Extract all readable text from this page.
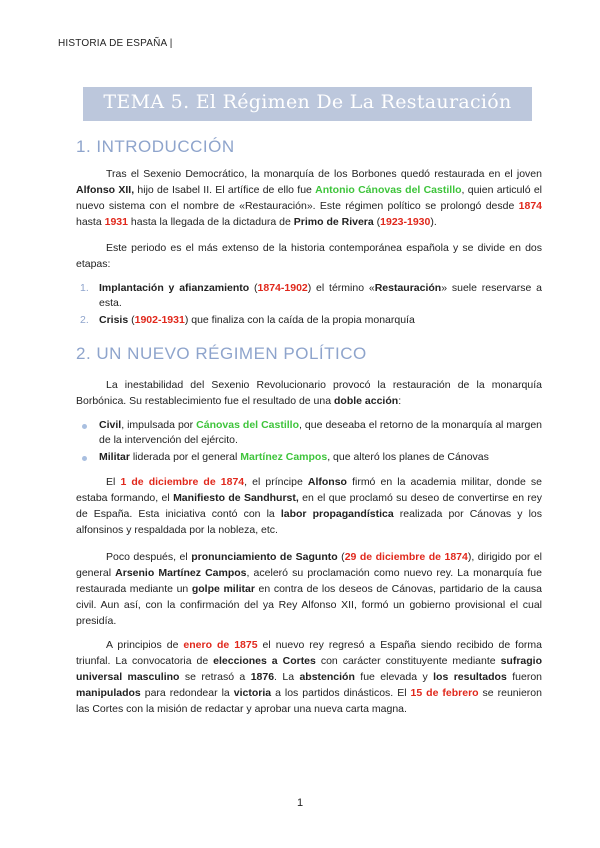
HISTORIA DE ESPAÑA |
TEMA 5. El Régimen De La Restauración
1. INTRODUCCIÓN
Tras el Sexenio Democrático, la monarquía de los Borbones quedó restaurada en el joven Alfonso XII, hijo de Isabel II. El artífice de ello fue Antonio Cánovas del Castillo, quien articuló el nuevo sistema con el nombre de «Restauración». Este régimen político se prolongó desde 1874 hasta 1931 hasta la llegada de la dictadura de Primo de Rivera (1923-1930).
Este periodo es el más extenso de la historia contemporánea española y se divide en dos etapas:
1. Implantación y afianzamiento (1874-1902) el término «Restauración» suele reservarse a esta.
2. Crisis (1902-1931) que finaliza con la caída de la propia monarquía
2. UN NUEVO RÉGIMEN POLÍTICO
La inestabilidad del Sexenio Revolucionario provocó la restauración de la monarquía Borbónica. Su restablecimiento fue el resultado de una doble acción:
Civil, impulsada por Cánovas del Castillo, que deseaba el retorno de la monarquía al margen de la intervención del ejército.
Militar liderada por el general Martínez Campos, que alteró los planes de Cánovas
El 1 de diciembre de 1874, el príncipe Alfonso firmó en la academia militar, donde se estaba formando, el Manifiesto de Sandhurst, en el que proclamó su deseo de convertirse en rey de España. Esta iniciativa contó con la labor propagandística realizada por Cánovas y los alfonsinos y respaldada por la nobleza, etc.
Poco después, el pronunciamiento de Sagunto (29 de diciembre de 1874), dirigido por el general Arsenio Martínez Campos, aceleró su proclamación como nuevo rey. La monarquía fue restaurada mediante un golpe militar en contra de los deseos de Cánovas, partidario de la causa civil. Aun así, con la confirmación del ya Rey Alfonso XII, formó un gobierno provisional el cual presidía.
A principios de enero de 1875 el nuevo rey regresó a España siendo recibido de forma triunfal. La convocatoria de elecciones a Cortes con carácter constituyente mediante sufragio universal masculino se retrasó a 1876. La abstención fue elevada y los resultados fueron manipulados para redondear la victoria a los partidos dinásticos. El 15 de febrero se reunieron las Cortes con la misión de redactar y aprobar una nueva carta magna.
1
